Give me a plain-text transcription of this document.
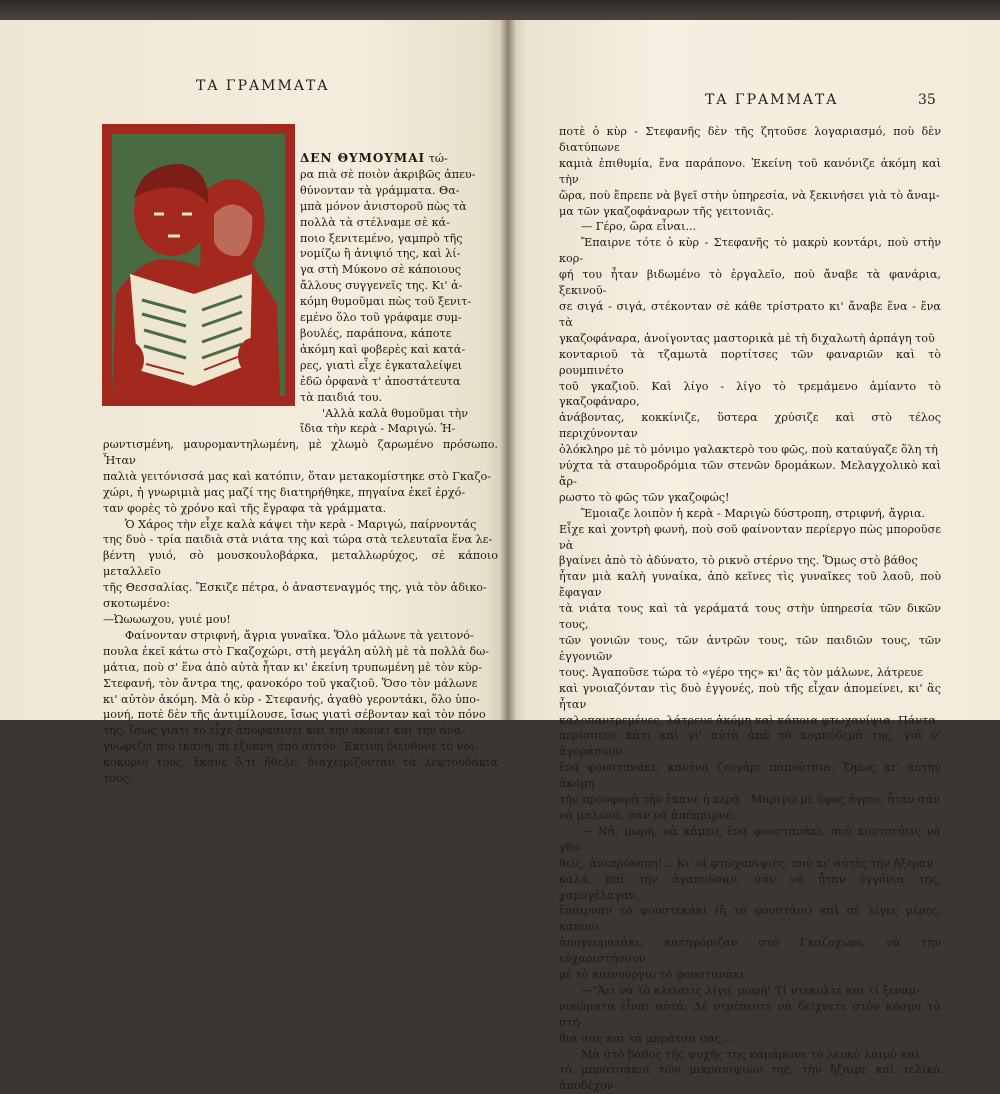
ΤΑ ΓΡΑΜΜΑΤΑ

ΔΕΝ ΘΥΜΟΥΜΑΙ τώ-

ρα πιὰ σὲ ποιὸν ἀκριβῶς ἀπευ-

θύνονταν τὰ γράμματα. Θα-

μπὰ μόνον ἀνιστοροῦ πὼς τὰ

πολλὰ τὰ στέλναμε σὲ κά-

ποιο ξενιτεμένο, γαμπρὸ τῆς

νομίζω ἢ ἀνιψιό της, καὶ λί-

γα στὴ Μύκονο σὲ κάποιους

ἄλλους συγγενεῖς της. Κι' ἀ-

κόμη θυμοῦμαι πὼς τοῦ ξενιτ-

εμένο ὅλο τοῦ γράφαμε συμ-

βουλές, παράπονα, κάποτε

ἀκόμη καὶ φοβερὲς καὶ κατά-

ρες, γιατὶ εἶχε ἐγκαταλείψει

ἐδῶ ὀρφανὰ τ' ἀποστάτευτα

τὰ παιδιά του.

'Αλλὰ καλὰ θυμοῦμαι τὴν

ἴδια τὴν κερὰ - Μαριγώ. Ἡ-

ρωντισμένη, μαυρομαντηλωμένη, μὲ χλωμὸ ζαρωμένο πρόσωπο. Ἦταν

παλιὰ γειτόνισσά μας καὶ κατόπιν, ὅταν μετακομίστηκε στὸ Γκαζο-

χώρι, ἡ γνωριμιὰ μας μαζί της διατηρήθηκε, πηγαίνα ἐκεῖ ἐρχό-

ταν φορὲς τὸ χρόνο καὶ τῆς ἔγραφα τὰ γράμματα.

Ὁ Χάρος τὴν εἶχε καλὰ κάψει τὴν κερὰ - Μαριγώ, παίρνοντάς

της δυὸ - τρία παιδιὰ στὰ νιάτα της καὶ τώρα στὰ τελευταῖα ἕνα λε-

βέντη γυιό, σὸ μουσκουλοβάρκα, μεταλλωρύχος, σὲ κάποιο μεταλλεῖο

τῆς Θεσσαλίας. Ἔσκιζε πέτρα, ὁ ἀναστεναγμός της, γιὰ τὸν ἀδικο-

σκοτωμένο:

—Ὠωωωχου, γυιέ μου!

Φαίνονταν στριφνή, ἄγρια γυναῖκα. Ὅλο μάλωνε τὰ γειτονό-

πουλα ἐκεῖ κάτω στὸ Γκαζοχώρι, στὴ μεγάλη αὐλὴ μὲ τὰ πολλὰ δω-

μάτια, ποὺ σ' ἕνα ἀπὸ αὐτὰ ἦταν κι' ἐκείνη τρυπωμένη μὲ τὸν κὺρ-

Στεφανή, τὸν ἄντρα της, φανοκόρο τοῦ γκαζιοῦ. Ὅσο τὸν μάλωνε

κι' αὐτὸν ἀκόμη. Μὰ ὁ κὺρ - Στεφανής, ἀγαθὸ γεροντάκι, ὅλο ὑπο-

μονή, ποτὲ δὲν τῆς ἀντιμίλουσε, ἴσως γιατὶ σέβονταν καὶ τὸν πόνο

της, ἴσως γιατὶ τὸ εἶχε ἀποφασίσει καὶ τὴν ἀκούει καὶ τὴν ἀνα-

γνωρίζει πιὸ ἱκανή, πὶ ἐξυπνη ἀπὸ αὐτόν. Ἐκείνη διευθύνε τὸ νοι-

κοκυριὸ τους, ἔκανε ὅ,τι ἤθελε, διαχειρίζονταν τὰ λεφτουδάκια τους,

ΤΑ ΓΡΑΜΜΑΤΑ	35

ποτὲ ὁ κὺρ - Στεφανῆς δὲν τῆς ζητοῦσε λογαριασμό, ποὺ δὲν διατύπωνε

καμιὰ ἐπιθυμία, ἕνα παράπονο. Ἐκείνη τοῦ κανόνιζε ἀκόμη καὶ τὴν

ὥρα, ποὺ ἔπρεπε νὰ βγεῖ στὴν ὑπηρεσία, νὰ ξεκινήσει γιὰ τὸ ἄναμ-

μα τῶν γκαζοφάναρων τῆς γειτονιᾶς.

— Γέρο, ὥρα εἶναι...

Ἔπαιρνε τότε ὁ κὺρ - Στεφανῆς τὸ μακρὺ κοντάρι, ποὺ στὴν κορ-

φή του ἦταν βιδωμένο τὸ ἐργαλεῖο, ποὺ ἄναβε τὰ φανάρια, ξεκινοῦ-

σε σιγά - σιγά, στέκονταν σὲ κάθε τρίστρατο κι' ἄναβε ἕνα - ἕνα τὰ

γκαζοφάναρα, ἀνοίγοντας μαστορικὰ μὲ τὴ διχαλωτὴ ἁρπάγη τοῦ

κονταριοῦ τὰ τζαμωτὰ πορτίτσες τῶν φαναριῶν καὶ τὸ ρουμπινέτο

τοῦ γκαζιοῦ. Καὶ λίγο - λίγο τὸ τρεμάμενο ἀμίαντο τὸ γκαζοφάναρο,

ἀνάβοντας, κοκκίνιζε, ὕστερα χρύσιζε καὶ στὸ τέλος περιχύνονταν

ὁλόκληρο μὲ τὸ μόνιμο γαλακτερὸ του φῶς, ποὺ καταύγαζε ὅλη τὴ

νύχτα τὰ σταυροδρόμια τῶν στενῶν δρομάκων. Μελαγχολικὸ καὶ ἄρ-

ρωστο τὸ φῶς τῶν γκαζοφώς!

Ἔμοιαζε λοιπὸν ἡ κερὰ - Μαριγὼ δύστροπη, στριφνή, ἄγρια.

Εἶχε καὶ χοντρὴ φωνή, ποὺ σοῦ φαίνονταν περίεργο πὼς μποροῦσε νὰ

βγαίνει ἀπὸ τὸ ἀδύνατο, τὸ ρικνὸ στέρνο της. Ὅμως στὸ βάθος

ἦταν μιὰ καλὴ γυναίκα, ἀπὸ κεῖνες τὶς γυναῖκες τοῦ λαοῦ, ποὺ ἔφαγαν

τὰ νιάτα τους καὶ τὰ γεράματά τους στὴν ὑπηρεσία τῶν δικῶν τους,

τῶν γονιῶν τους, τῶν ἀντρῶν τους, τῶν παιδιῶν τους, τῶν ἐγγονιῶν

τους. Ἀγαποῦσε τώρα τὸ «γέρο της» κι' ἃς τὸν μάλωνε, λάτρευε

καὶ γνοιαζόνταν τὶς δυὸ ἐγγονές, ποὺ τῆς εἶχαν ἀπομείνει, κι' ἃς ἦταν

καλοπαντρεμένες, λάτρευε ἀκόμη καὶ κάποια φτωχανίψια. Πάντα

περίσσευε κάτι καὶ γι' αὐτὰ ἀπὸ τὸ κομπόδεμά της, γιὰ ν' ἀγοράσουν

ἕνα φουστανάκι, κανένα ζευγάρι παπούτσια. Ὅμως κι' αὐτὴν ἀκόμη

τὴν προσφορὰ τὴν ἔκανε ἡ κερὰ - Μαριγὼ μὲ ὕφος ἄγριο, ἦταν σὰν

νὰ μαλώνε, σὰν νὰ ἀπόπαιρνε:

— Νά, μωρή, νὰ κάμεις ἕνα φουστανάκι, ποὺ κουτσεύεις νὰ γδυ-

θεῖς, ἀνεπρόκοπη!... Κι' οἱ φτωχανιψιές, ποὺ κι' αὐτὲς τὴν ἤξεραν

καλά, καὶ τὴν ἀγαποῦσαν, σὰν νὰ ἦταν ἐγγόνια της, χαμογέλαγαν,

ἔπαιρναν τὸ φουστεκάκι (ἢ τὸ φουστάνι) καὶ σὲ λίγες μέρες, κάποιο

ἀπογευματάκι, κατηφόριζαν στὸ Γκαζοχώρι, νὰ τὴν εὐχαριστήσουν

μὲ τὸ καινούργιο τὸ φουστανάκι:

—"Ἀει νὰ τὸ κλείσεις λίγο, μωρή! Τί ντεκολτὲ καὶ τί ξεναμ-

νικώματα εἶναι αὐτά; Δὲ ντρέπεστε νὰ δείχνετε στὸν κόσμο τὰ στή-

θια σας καὶ τὰ μπράτσα σας;...

Μὰ στὸ βάθος τῆς ψυχῆς της καμάρωνε τὸ λευκὸ λαιμὸ καὶ

τὰ μπρατσάκια τῶν μικρανιψιῶν της, τὴν ἤξαιρε καὶ τελικὰ ἀποδέχον-
